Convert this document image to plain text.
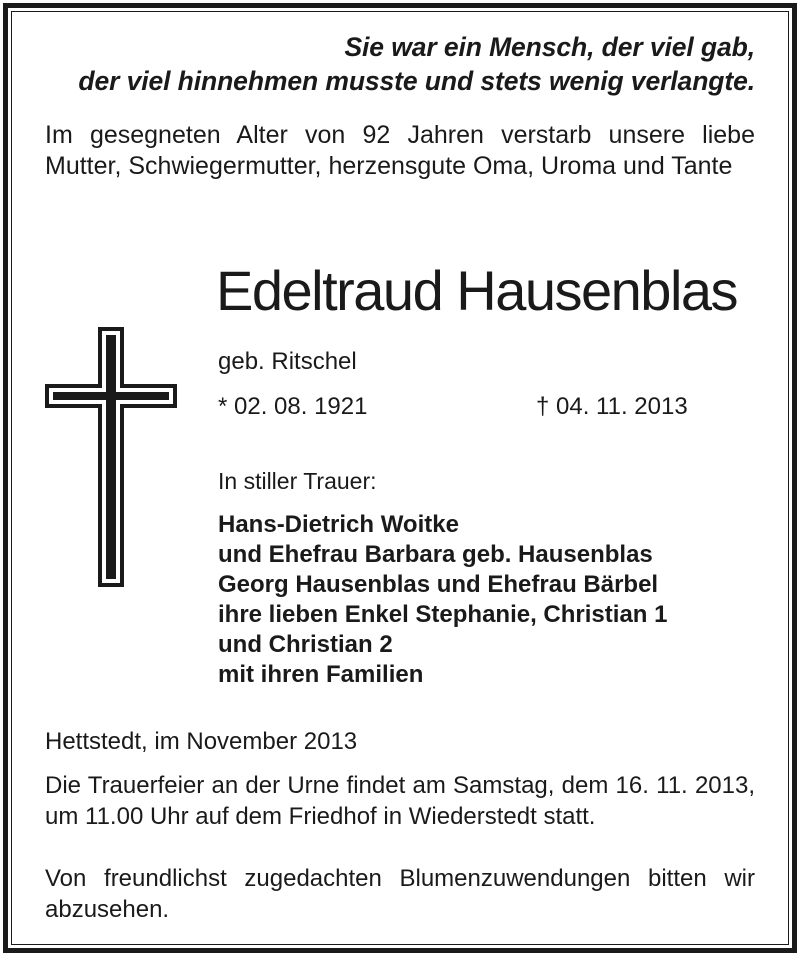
Sie war ein Mensch, der viel gab,
der viel hinnehmen musste und stets wenig verlangte.
Im gesegneten Alter von 92 Jahren verstarb unsere liebe Mutter, Schwiegermutter, herzensgute Oma, Uroma und Tante
Edeltraud Hausenblas
geb. Ritschel
* 02. 08. 1921	† 04. 11. 2013
In stiller Trauer:
Hans-Dietrich Woitke
und Ehefrau Barbara geb. Hausenblas
Georg Hausenblas und Ehefrau Bärbel
ihre lieben Enkel Stephanie, Christian 1
und Christian 2
mit ihren Familien
Hettstedt, im November 2013
Die Trauerfeier an der Urne findet am Samstag, dem 16. 11. 2013, um 11.00 Uhr auf dem Friedhof in Wiederstedt statt.
Von freundlichst zugedachten Blumenzuwendungen bitten wir abzusehen.
